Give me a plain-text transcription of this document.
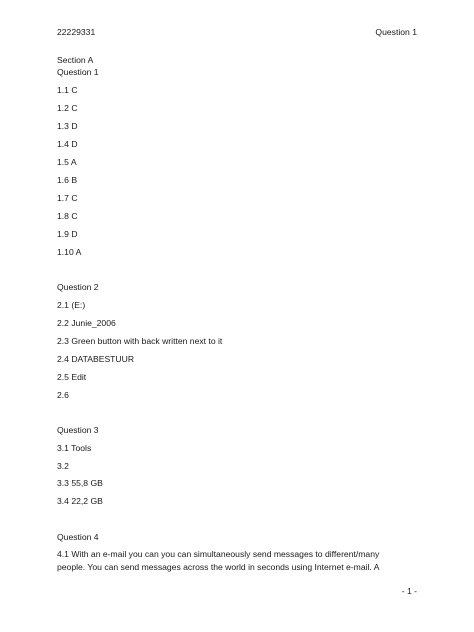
22229331	Question 1
Section A
Question 1
1.1 C
1.2 C
1.3 D
1.4 D
1.5 A
1.6 B
1.7 C
1.8 C
1.9 D
1.10 A
Question 2
2.1 (E:)
2.2 Junie_2006
2.3 Green button with back written next to it
2.4 DATABESTUUR
2.5 Edit
2.6
Question 3
3.1 Tools
3.2
3.3 55,8 GB
3.4 22,2 GB
Question 4
4.1 With an e-mail you can you can simultaneously send messages to different/many
people. You can send messages across the world in seconds using Internet e-mail. A
- 1 -
